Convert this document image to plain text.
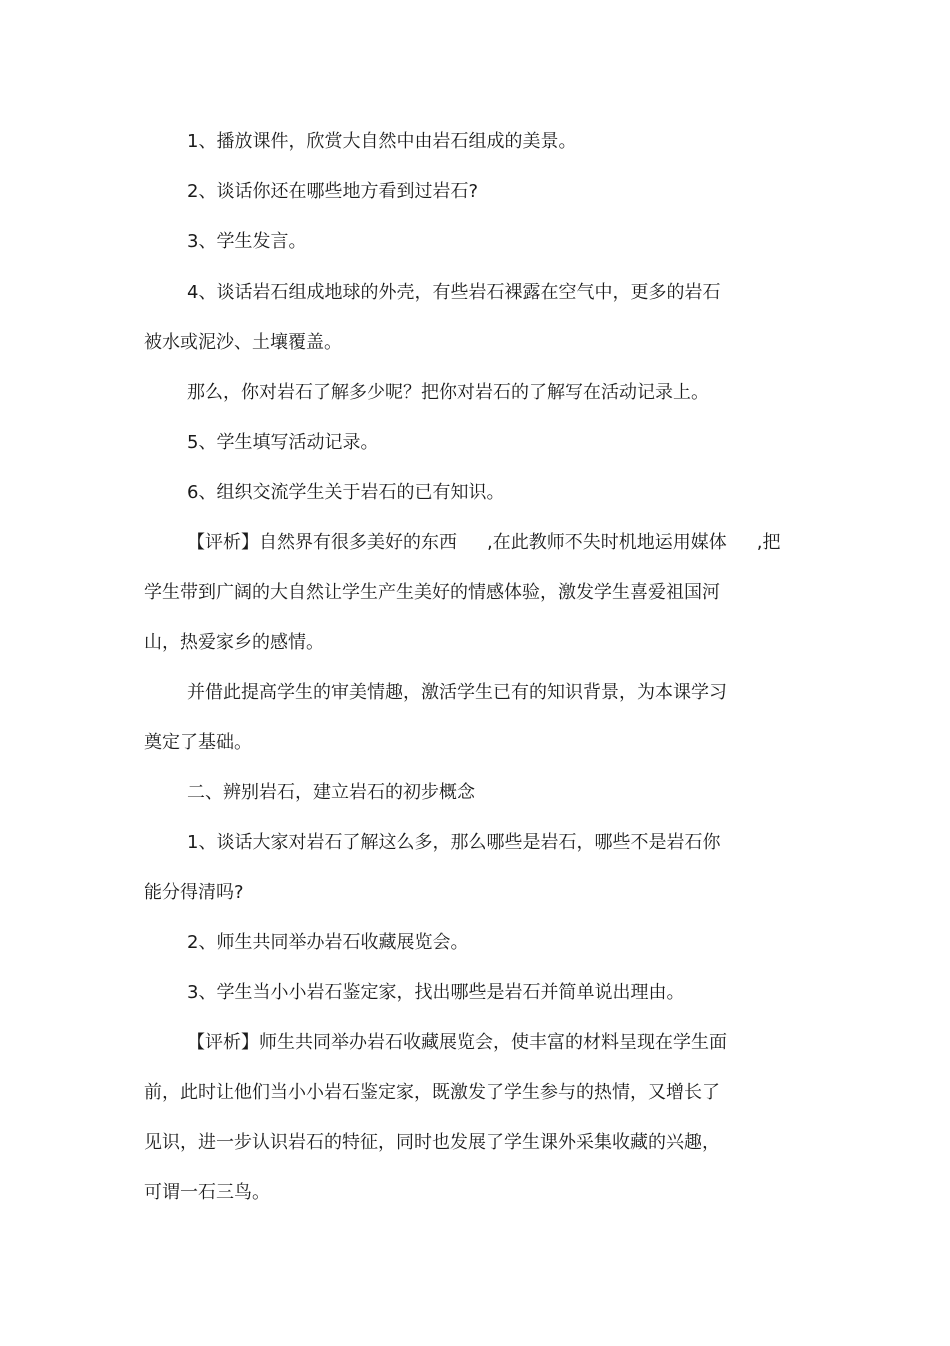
1、播放课件，欣赏大自然中由岩石组成的美景。
2、谈话你还在哪些地方看到过岩石?
3、学生发言。
4、谈话岩石组成地球的外壳，有些岩石裸露在空气中，更多的岩石
被水或泥沙、土壤覆盖。
那么，你对岩石了解多少呢？把你对岩石的了解写在活动记录上。
5、学生填写活动记录。
6、组织交流学生关于岩石的已有知识。
【评析】自然界有很多美好的东西 ,在此教师不失时机地运用媒体 ,把
学生带到广阔的大自然让学生产生美好的情感体验，激发学生喜爱祖国河
山，热爱家乡的感情。
并借此提高学生的审美情趣，激活学生已有的知识背景，为本课学习
奠定了基础。
二、辨别岩石，建立岩石的初步概念
1、谈话大家对岩石了解这么多，那么哪些是岩石，哪些不是岩石你
能分得清吗?
2、师生共同举办岩石收藏展览会。
3、学生当小小岩石鉴定家，找出哪些是岩石并简单说出理由。
【评析】师生共同举办岩石收藏展览会，使丰富的材料呈现在学生面
前，此时让他们当小小岩石鉴定家，既激发了学生参与的热情，又增长了
见识，进一步认识岩石的特征，同时也发展了学生课外采集收藏的兴趣，
可谓一石三鸟。
